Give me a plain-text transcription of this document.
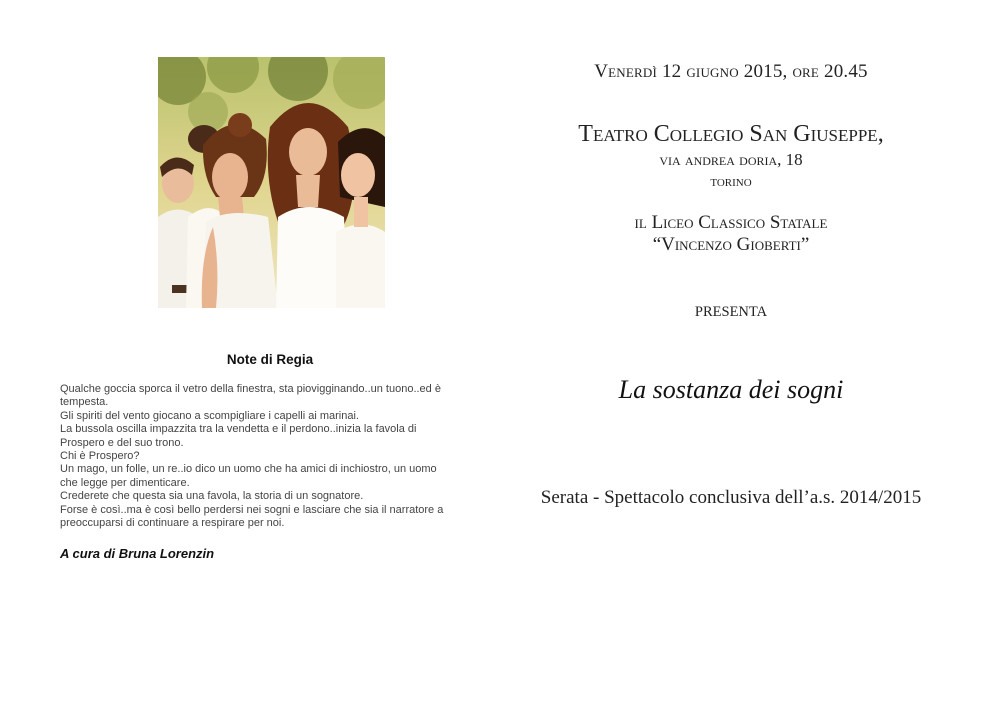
Note di Regia
Qualche goccia sporca il vetro della finestra, sta piovigginando..un tuono..ed è
tempesta.
Gli spiriti del vento giocano a scompigliare i capelli ai marinai.
La bussola oscilla impazzita tra la vendetta e il perdono..inizia la favola di
Prospero e del suo trono.
Chi è Prospero?
Un mago, un folle, un re..io dico un uomo che ha amici di inchiostro, un uomo
che legge per dimenticare.
Crederete che questa sia una favola, la storia di un sognatore.
Forse è così..ma è così bello perdersi nei sogni e lasciare che sia il narratore a
preoccuparsi di continuare a respirare per noi.
A cura di Bruna Lorenzin
Venerdì 12 giugno 2015, ore 20.45
Teatro Collegio San Giuseppe,
via andrea doria, 18
torino
il Liceo Classico Statale
“Vincenzo Gioberti”
PRESENTA
La sostanza dei sogni
Serata - Spettacolo conclusiva dell’a.s. 2014/2015
